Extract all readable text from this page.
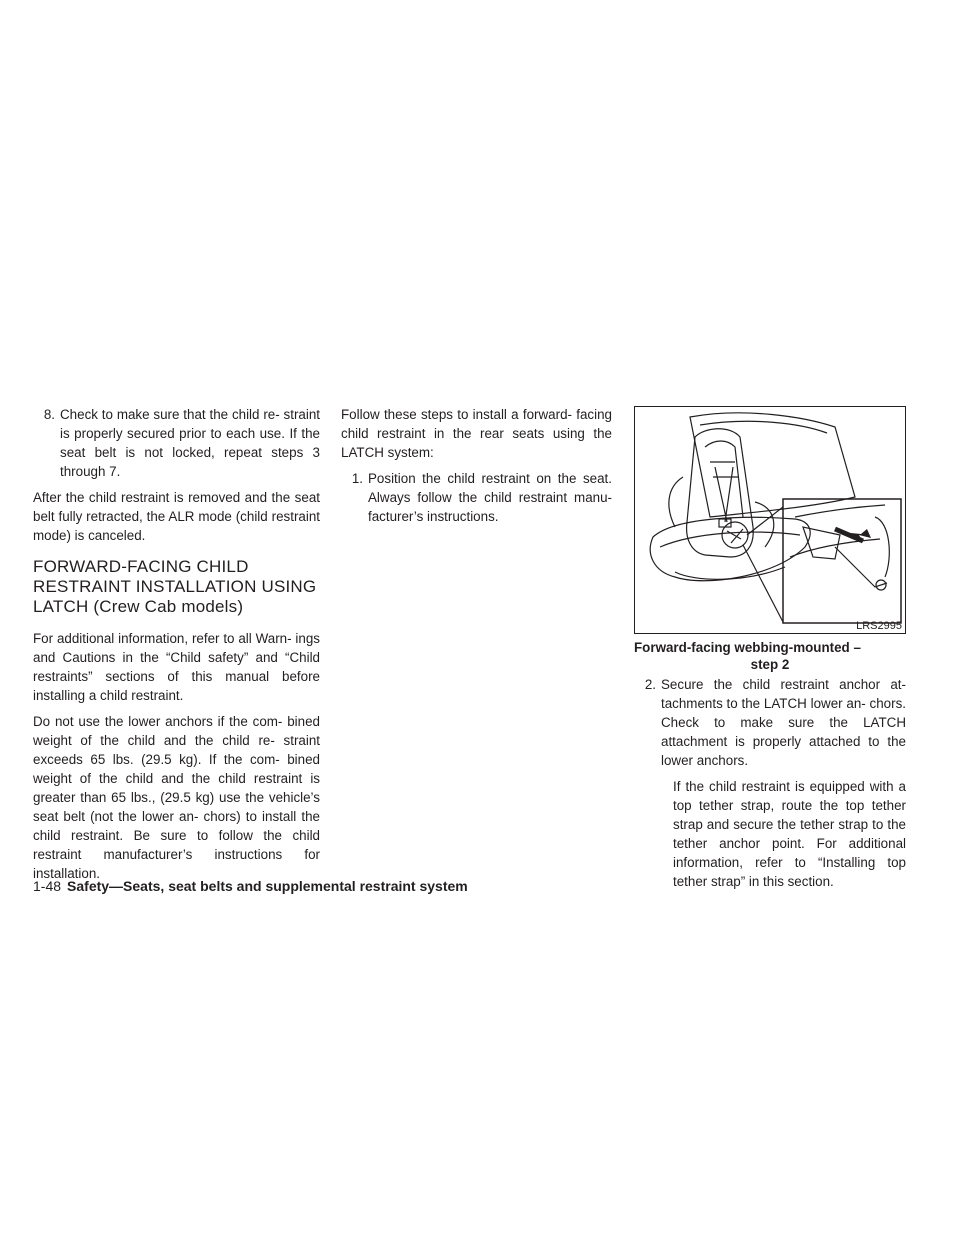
8. Check to make sure that the child re- straint is properly secured prior to each use. If the seat belt is not locked, repeat steps 3 through 7.

After the child restraint is removed and the seat belt fully retracted, the ALR mode (child restraint mode) is canceled.

FORWARD-FACING CHILD RESTRAINT INSTALLATION USING LATCH (Crew Cab models)

For additional information, refer to all Warn- ings and Cautions in the “Child safety” and “Child restraints” sections of this manual before installing a child restraint.

Do not use the lower anchors if the com- bined weight of the child and the child re- straint exceeds 65 lbs. (29.5 kg). If the com- bined weight of the child and the child restraint is greater than 65 lbs., (29.5 kg) use the vehicle’s seat belt (not the lower an- chors) to install the child restraint. Be sure to follow the child restraint manufacturer’s instructions for installation.

Follow these steps to install a forward- facing child restraint in the rear seats using the LATCH system:

1. Position the child restraint on the seat. Always follow the child restraint manu- facturer’s instructions.
LRS2995
Forward-facing webbing-mounted –
step 2
2. Secure the child restraint anchor at- tachments to the LATCH lower an- chors. Check to make sure the LATCH attachment is properly attached to the lower anchors.

If the child restraint is equipped with a top tether strap, route the top tether strap and secure the tether strap to the tether anchor point. For additional information, refer to “Installing top tether strap” in this section.

1-48 Safety—Seats, seat belts and supplemental restraint system
